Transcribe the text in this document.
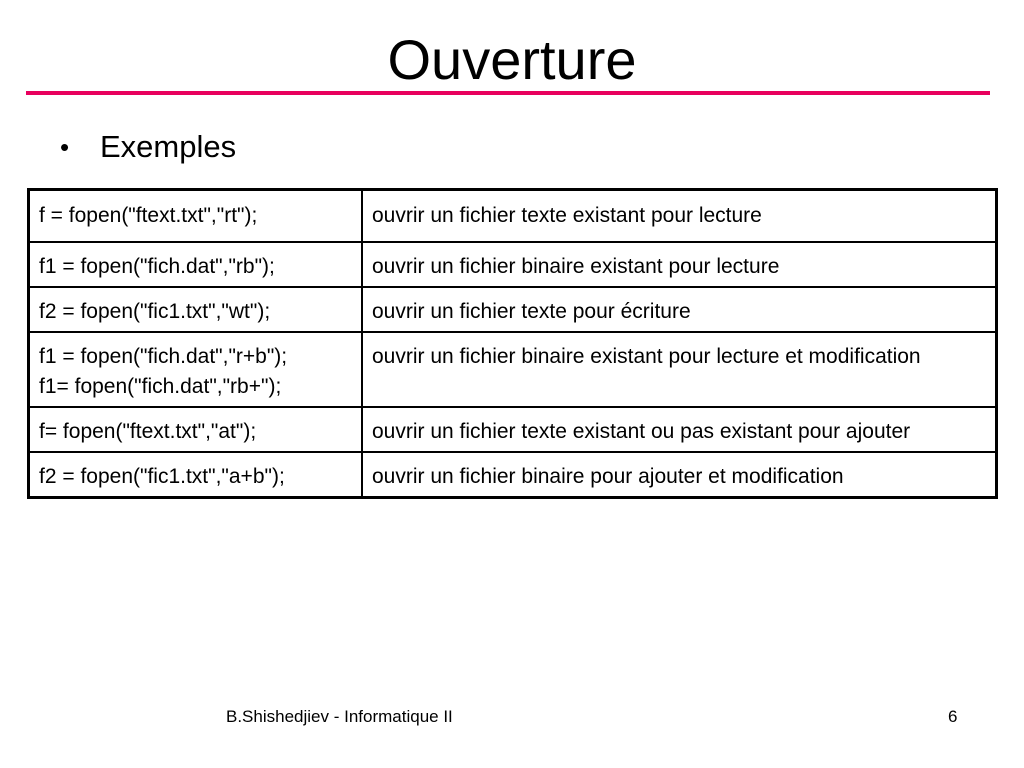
Ouverture
• Exemples
f = fopen("ftext.txt","rt");	ouvrir un fichier texte existant pour lecture

f1 = fopen("fich.dat","rb");	ouvrir un fichier binaire existant pour lecture

f2 = fopen("fic1.txt","wt");	ouvrir un fichier texte pour écriture

f1 = fopen("fich.dat","r+b");
f1= fopen("fich.dat","rb+");	ouvrir un fichier binaire existant pour lecture et modification

f= fopen("ftext.txt","at");	ouvrir un fichier texte existant ou pas existant pour ajouter

f2 = fopen("fic1.txt","a+b");	ouvrir un fichier binaire pour ajouter et modification
B.Shishedjiev - Informatique II	6
